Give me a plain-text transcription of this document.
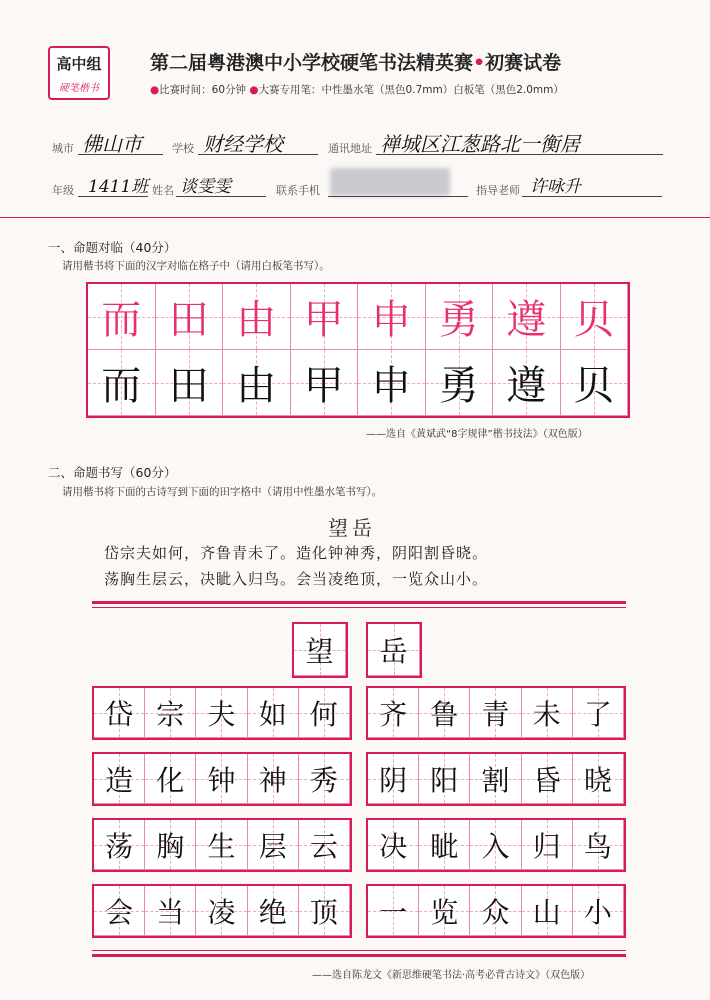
高中组
硬笔楷书
第二届粤港澳中小学校硬笔书法精英赛•初赛试卷
●比赛时间：60分钟 ●大赛专用笔：中性墨水笔（黑色0.7mm）白板笔（黑色2.0mm）
城市 佛山市	学校 财经学校	通讯地址 禅城区江葱路北一衡居
年级 1411班 姓名 谈雯雯	联系手机	指导老师 许咏升
一、命题对临（40分）
请用楷书将下面的汉字对临在格子中（请用白板笔书写）。
而 田 由 甲 申 勇 遵 贝
而 田 由 甲 申 勇 遵 贝
——选自《黄斌武“8字规律”楷书技法》（双色版）
二、命题书写（60分）
请用楷书将下面的古诗写到下面的田字格中（请用中性墨水笔书写）。
望岳
岱宗夫如何，齐鲁青未了。造化钟神秀，阴阳割昏晓。
荡胸生层云，决眦入归鸟。会当凌绝顶，一览众山小。
望 岳
岱 宗 夫 如 何 齐 鲁 青 未 了
造 化 钟 神 秀 阴 阳 割 昏 晓
荡 胸 生 层 云 决 眦 入 归 鸟
会 当 凌 绝 顶 一 览 众 山 小
——选自陈龙文《新思维硬笔书法·高考必背古诗文》（双色版）
